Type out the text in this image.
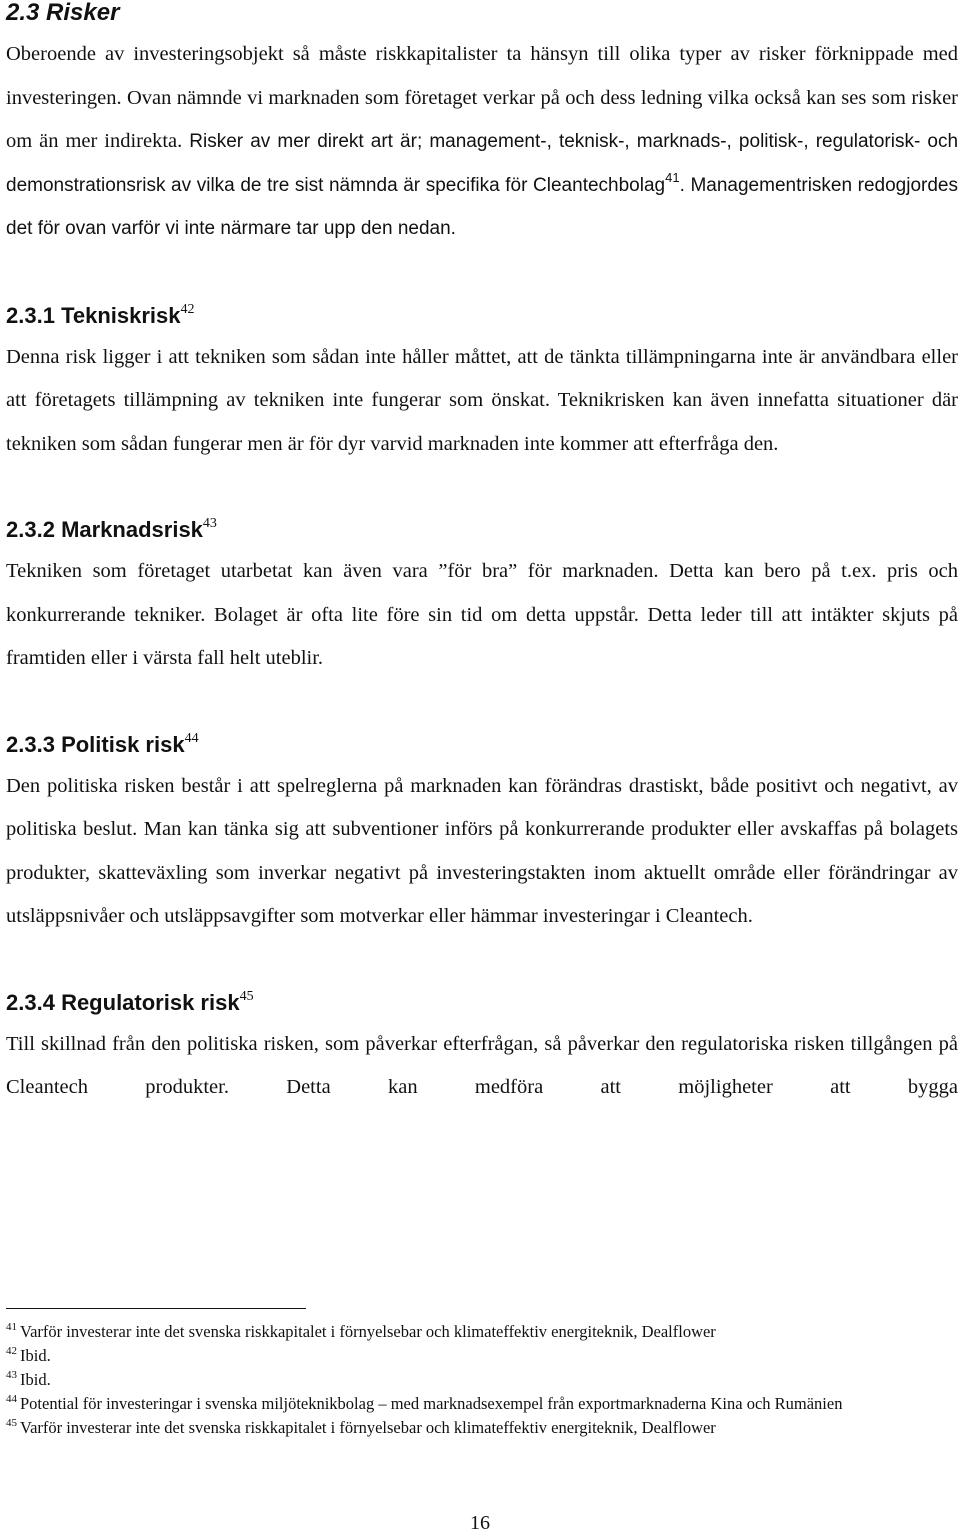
2.3 Risker

Oberoende av investeringsobjekt så måste riskkapitalister ta hänsyn till olika typer av risker förknippade med investeringen. Ovan nämnde vi marknaden som företaget verkar på och dess ledning vilka också kan ses som risker om än mer indirekta. Risker av mer direkt art är; management-, teknisk-, marknads-, politisk-, regulatorisk- och demonstrationsrisk av vilka de tre sist nämnda är specifika för Cleantechbolag$^{41}$. Managementrisken redogjordes det för ovan varför vi inte närmare tar upp den nedan.

2.3.1 Tekniskrisk$^{42}$

Denna risk ligger i att tekniken som sådan inte håller måttet, att de tänkta tillämpningarna inte är användbara eller att företagets tillämpning av tekniken inte fungerar som önskat. Teknikrisken kan även innefatta situationer där tekniken som sådan fungerar men är för dyr varvid marknaden inte kommer att efterfråga den.

2.3.2 Marknadsrisk$^{43}$

Tekniken som företaget utarbetat kan även vara ”för bra” för marknaden. Detta kan bero på t.ex. pris och konkurrerande tekniker. Bolaget är ofta lite före sin tid om detta uppstår. Detta leder till att intäkter skjuts på framtiden eller i värsta fall helt uteblir.

2.3.3 Politisk risk$^{44}$

Den politiska risken består i att spelreglerna på marknaden kan förändras drastiskt, både positivt och negativt, av politiska beslut. Man kan tänka sig att subventioner införs på konkurrerande produkter eller avskaffas på bolagets produkter, skatteväxling som inverkar negativt på investeringstakten inom aktuellt område eller förändringar av utsläppsnivåer och utsläppsavgifter som motverkar eller hämmar investeringar i Cleantech.

2.3.4 Regulatorisk risk$^{45}$

Till skillnad från den politiska risken, som påverkar efterfrågan, så påverkar den regulatoriska risken tillgången på Cleantech produkter. Detta kan medföra att möjligheter att bygga

$^{41}$ Varför investerar inte det svenska riskkapitalet i förnyelsebar och klimateffektiv energiteknik, Dealflower
$^{42}$ Ibid.
$^{43}$ Ibid.
$^{44}$ Potential för investeringar i svenska miljöteknikbolag – med marknadsexempel från exportmarknaderna Kina och Rumänien
$^{45}$ Varför investerar inte det svenska riskkapitalet i förnyelsebar och klimateffektiv energiteknik, Dealflower
16
